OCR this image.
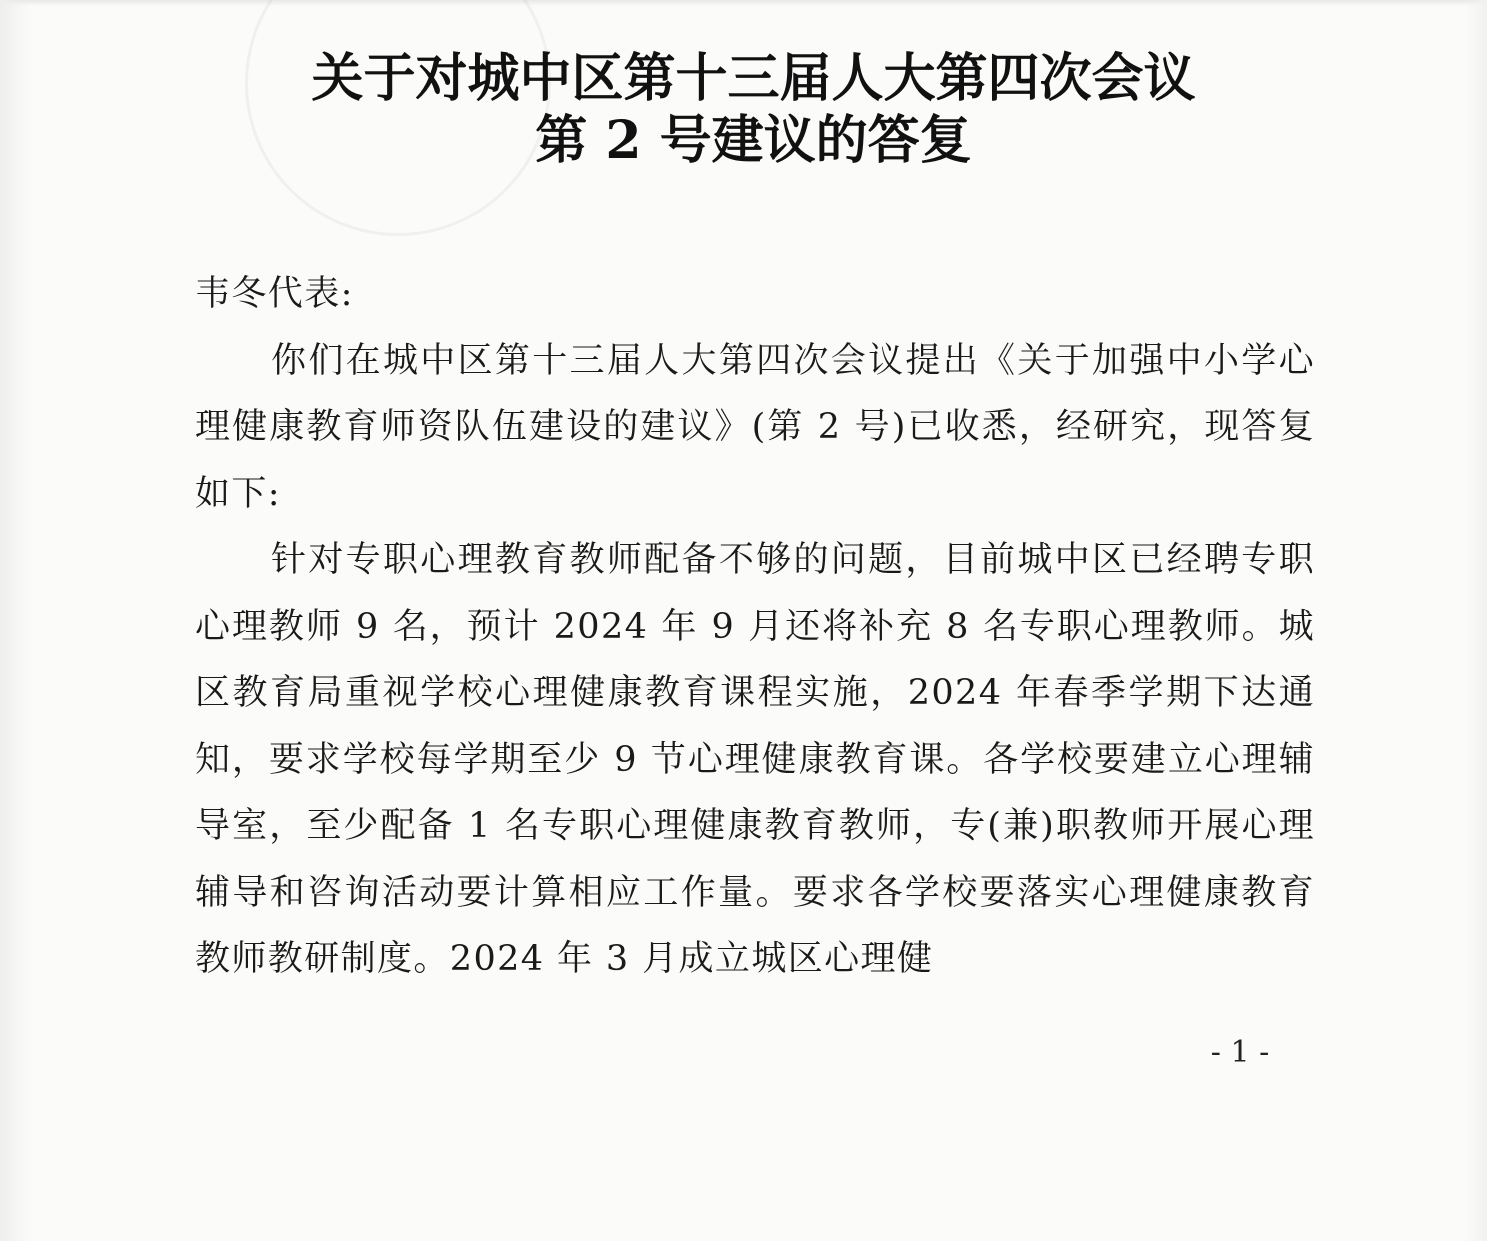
关于对城中区第十三届人大第四次会议
第 2 号建议的答复

韦冬代表:

你们在城中区第十三届人大第四次会议提出《关于加强中小学心理健康教育师资队伍建设的建议》(第 2 号)已收悉，经研究，现答复如下:

针对专职心理教育教师配备不够的问题，目前城中区已经聘专职心理教师 9 名，预计 2024 年 9 月还将补充 8 名专职心理教师。城区教育局重视学校心理健康教育课程实施，2024 年春季学期下达通知，要求学校每学期至少 9 节心理健康教育课。各学校要建立心理辅导室，至少配备 1 名专职心理健康教育教师，专(兼)职教师开展心理辅导和咨询活动要计算相应工作量。要求各学校要落实心理健康教育教师教研制度。2024 年 3 月成立城区心理健

- 1 -
